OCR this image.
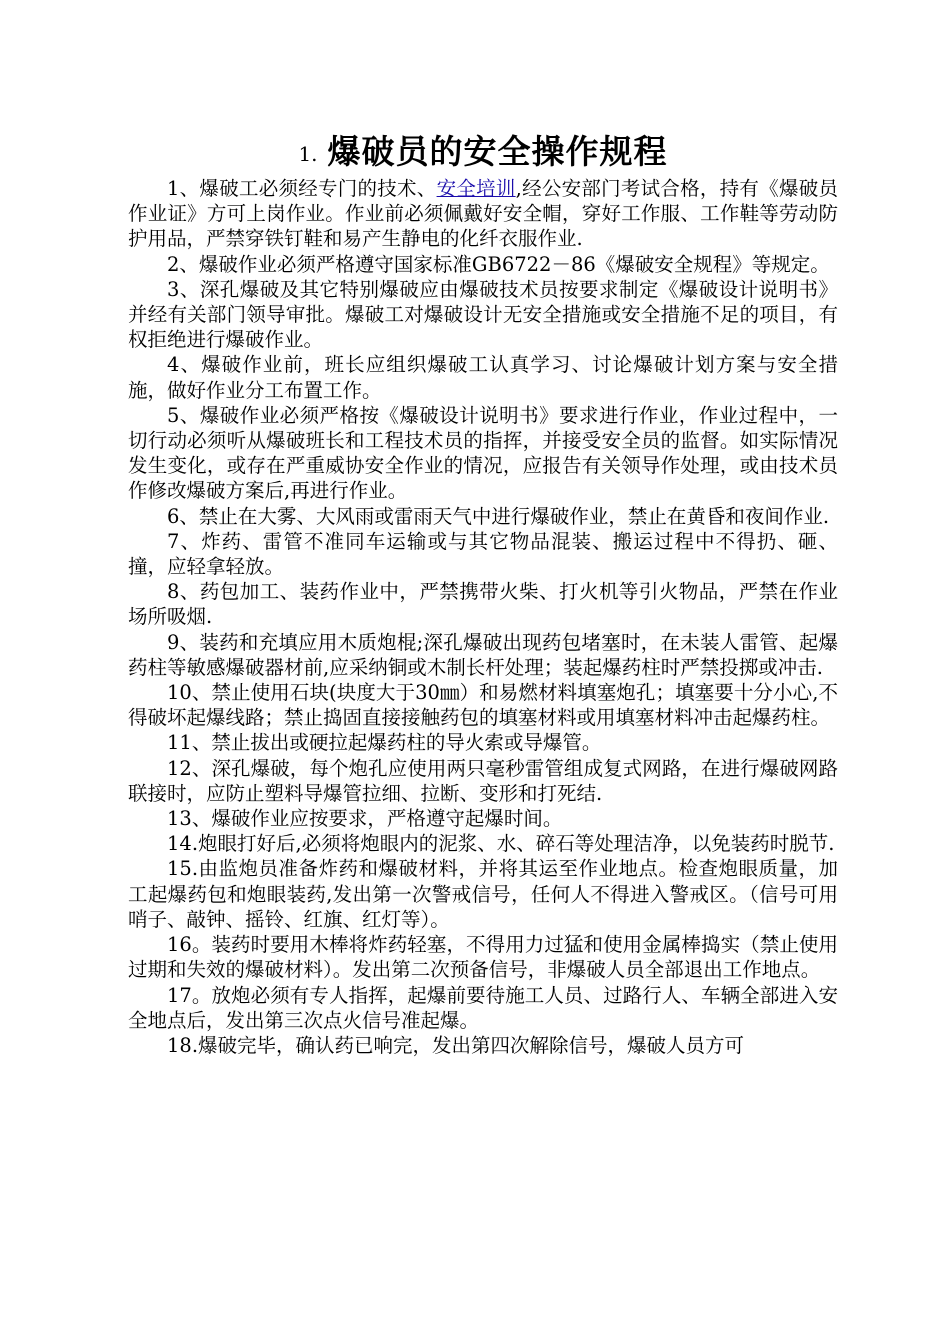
1. 爆破员的安全操作规程

1、爆破工必须经专门的技术、安全培训,经公安部门考试合格，持有《爆破员作业证》方可上岗作业。作业前必须佩戴好安全帽，穿好工作服、工作鞋等劳动防护用品，严禁穿铁钉鞋和易产生静电的化纤衣服作业.

2、爆破作业必须严格遵守国家标准GB6722－86《爆破安全规程》等规定。

3、深孔爆破及其它特别爆破应由爆破技术员按要求制定《爆破设计说明书》并经有关部门领导审批。爆破工对爆破设计无安全措施或安全措施不足的项目，有权拒绝进行爆破作业。

4、爆破作业前，班长应组织爆破工认真学习、讨论爆破计划方案与安全措施，做好作业分工布置工作。

5、爆破作业必须严格按《爆破设计说明书》要求进行作业，作业过程中，一切行动必须听从爆破班长和工程技术员的指挥，并接受安全员的监督。如实际情况发生变化，或存在严重威协安全作业的情况，应报告有关领导作处理，或由技术员作修改爆破方案后,再进行作业。

6、禁止在大雾、大风雨或雷雨天气中进行爆破作业，禁止在黄昏和夜间作业.

7、炸药、雷管不准同车运输或与其它物品混装、搬运过程中不得扔、砸、撞，应轻拿轻放。

8、药包加工、装药作业中，严禁携带火柴、打火机等引火物品，严禁在作业场所吸烟.

9、装药和充填应用木质炮棍;深孔爆破出现药包堵塞时，在未装人雷管、起爆药柱等敏感爆破器材前,应采纳铜或木制长杆处理；装起爆药柱时严禁投掷或冲击.

10、禁止使用石块(块度大于30㎜）和易燃材料填塞炮孔；填塞要十分小心,不得破坏起爆线路；禁止捣固直接接触药包的填塞材料或用填塞材料冲击起爆药柱。

11、禁止拔出或硬拉起爆药柱的导火索或导爆管。

12、深孔爆破，每个炮孔应使用两只毫秒雷管组成复式网路，在进行爆破网路联接时，应防止塑料导爆管拉细、拉断、变形和打死结.

13、爆破作业应按要求，严格遵守起爆时间。

14.炮眼打好后,必须将炮眼内的泥浆、水、碎石等处理洁净，以免装药时脱节.

15.由监炮员准备炸药和爆破材料，并将其运至作业地点。检查炮眼质量，加工起爆药包和炮眼装药,发出第一次警戒信号，任何人不得进入警戒区。（信号可用哨子、敲钟、摇铃、红旗、红灯等）。

16。装药时要用木棒将炸药轻塞，不得用力过猛和使用金属棒捣实（禁止使用过期和失效的爆破材料）。发出第二次预备信号，非爆破人员全部退出工作地点。

17。放炮必须有专人指挥，起爆前要待施工人员、过路行人、车辆全部进入安全地点后，发出第三次点火信号准起爆。

18.爆破完毕，确认药已响完，发出第四次解除信号，爆破人员方可
